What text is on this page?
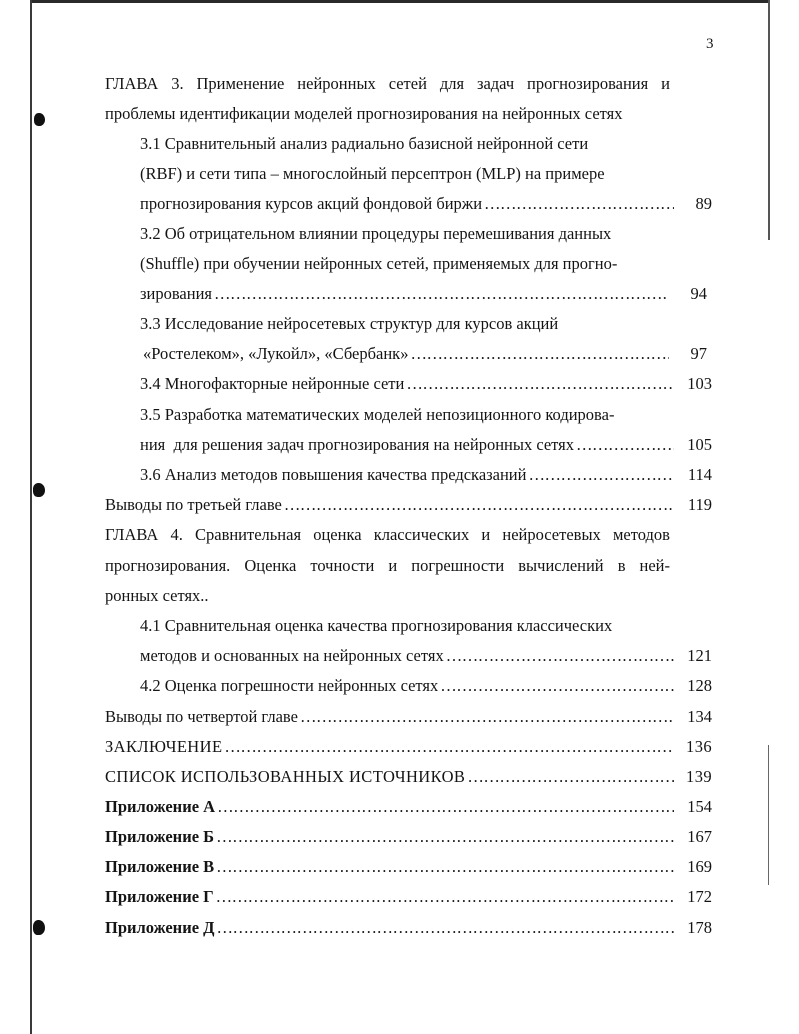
3
ГЛАВА 3. Применение нейронных сетей для задач прогнозирования и
проблемы идентификации моделей прогнозирования на нейронных сетях
3.1 Сравнительный анализ радиально базисной нейронной сети
(RBF) и сети типа – многослойный персептрон (MLP) на примере
прогнозирования курсов акций фондовой биржи ………………………………………………………………………………………………………………………………………………	89
3.2 Об отрицательном влиянии процедуры перемешивания данных
(Shuffle) при обучении нейронных сетей, применяемых для прогно-
зирования ………………………………………………………………………………………………………………………………………………	94
3.3 Исследование нейросетевых структур для курсов акций
«Ростелеком», «Лукойл», «Сбербанк» ………………………………………………………………………………………………………………………………………………	97
3.4 Многофакторные нейронные сети ………………………………………………………………………………………………………………………………………………	103
3.5 Разработка математических моделей непозиционного кодирова-
ния  для решения задач прогнозирования на нейронных сетях ………………………………………………………………………………………………………………………………………………	105
3.6 Анализ методов повышения качества предсказаний ………………………………………………………………………………………………………………………………………………	114
Выводы по третьей главе ………………………………………………………………………………………………………………………………………………	119
ГЛАВА 4. Сравнительная оценка классических и нейросетевых методов
прогнозирования. Оценка точности и погрешности вычислений в ней-
ронных сетях..
4.1 Сравнительная оценка качества прогнозирования классических
методов и основанных на нейронных сетях ………………………………………………………………………………………………………………………………………………	121
4.2 Оценка погрешности нейронных сетях ………………………………………………………………………………………………………………………………………………	128
Выводы по четвертой главе ………………………………………………………………………………………………………………………………………………	134
ЗАКЛЮЧЕНИЕ ………………………………………………………………………………………………………………………………………………	136
СПИСОК ИСПОЛЬЗОВАННЫХ ИСТОЧНИКОВ ………………………………………………………………………………………………………………………………………………	139
Приложение А ………………………………………………………………………………………………………………………………………………	154
Приложение Б ………………………………………………………………………………………………………………………………………………	167
Приложение В ………………………………………………………………………………………………………………………………………………	169
Приложение Г ………………………………………………………………………………………………………………………………………………	172
Приложение Д ………………………………………………………………………………………………………………………………………………	178
